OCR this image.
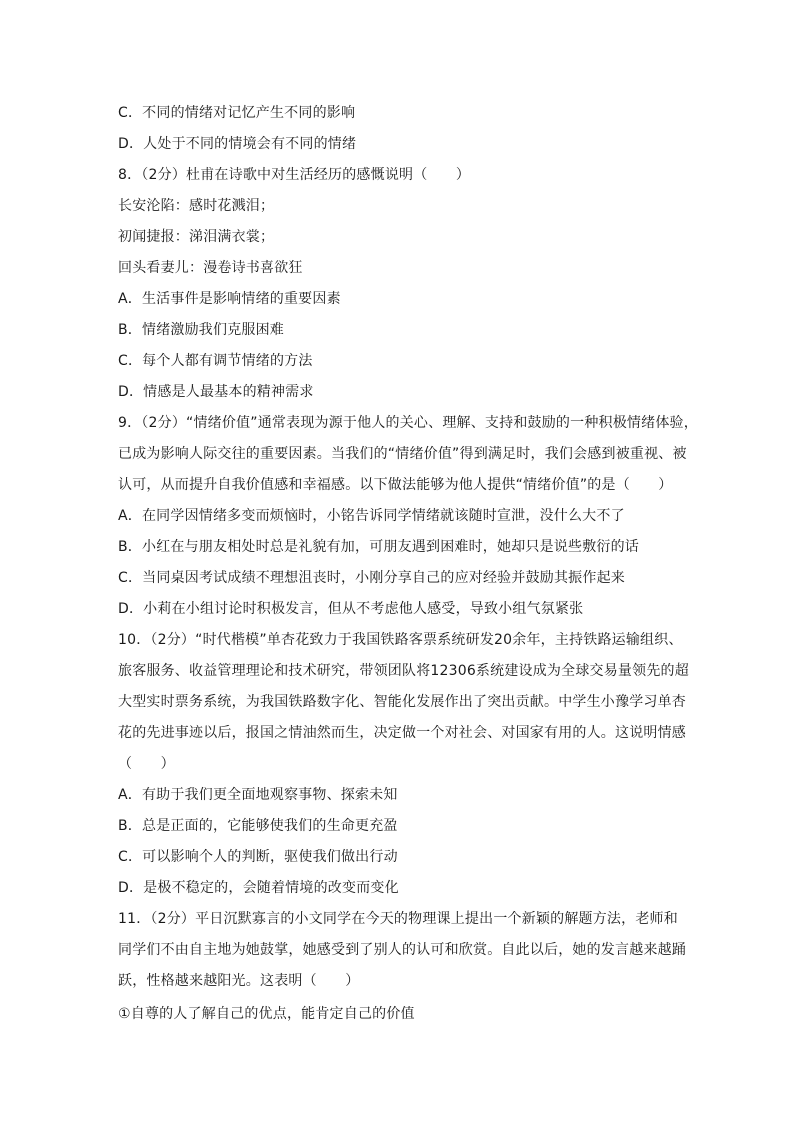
C．不同的情绪对记忆产生不同的影响
D．人处于不同的情境会有不同的情绪
8．（2分）杜甫在诗歌中对生活经历的感慨说明（　　）
长安沦陷：感时花溅泪；
初闻捷报：涕泪满衣裳；
回头看妻儿：漫卷诗书喜欲狂
A．生活事件是影响情绪的重要因素
B．情绪激励我们克服困难
C．每个人都有调节情绪的方法
D．情感是人最基本的精神需求
9．（2分）“情绪价值”通常表现为源于他人的关心、理解、支持和鼓励的一种积极情绪体验，
已成为影响人际交往的重要因素。当我们的“情绪价值”得到满足时，我们会感到被重视、被
认可，从而提升自我价值感和幸福感。以下做法能够为他人提供“情绪价值”的是（　　）
A．在同学因情绪多变而烦恼时，小铭告诉同学情绪就该随时宣泄，没什么大不了
B．小红在与朋友相处时总是礼貌有加，可朋友遇到困难时，她却只是说些敷衍的话
C．当同桌因考试成绩不理想沮丧时，小刚分享自己的应对经验并鼓励其振作起来
D．小莉在小组讨论时积极发言，但从不考虑他人感受，导致小组气氛紧张
10．（2分）“时代楷模”单杏花致力于我国铁路客票系统研发20余年，主持铁路运输组织、
旅客服务、收益管理理论和技术研究，带领团队将12306系统建设成为全球交易量领先的超
大型实时票务系统，为我国铁路数字化、智能化发展作出了突出贡献。中学生小豫学习单杏
花的先进事迹以后，报国之情油然而生，决定做一个对社会、对国家有用的人。这说明情感
（　　）
A．有助于我们更全面地观察事物、探索未知
B．总是正面的，它能够使我们的生命更充盈
C．可以影响个人的判断，驱使我们做出行动
D．是极不稳定的，会随着情境的改变而变化
11．（2分）平日沉默寡言的小文同学在今天的物理课上提出一个新颖的解题方法，老师和
同学们不由自主地为她鼓掌，她感受到了别人的认可和欣赏。自此以后，她的发言越来越踊
跃，性格越来越阳光。这表明（　　）
①自尊的人了解自己的优点，能肯定自己的价值
